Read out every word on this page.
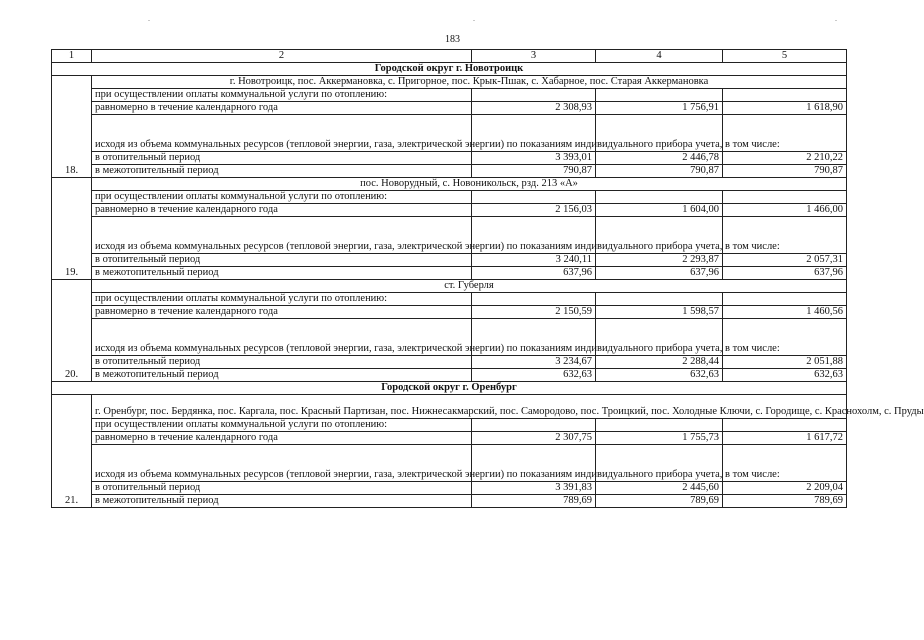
.	.	.
183
1	2	3	4	5
Городской округ г. Новотроицк				
18.	г. Новотроицк, пос. Аккермановка, с. Пригорное, пос. Крык-Пшак, с. Хабарное, пос. Старая Аккермановка			
	при осуществлении оплаты коммунальной услуги по отоплению:			
	равномерно в течение календарного года	2 308,93	1 756,91	1 618,90
	исходя из объема коммунальных ресурсов (тепловой энергии, газа, электрической энергии) по показаниям индивидуального прибора учета, в том числе:			
	в отопительный период	3 393,01	2 446,78	2 210,22
	в межотопительный период	790,87	790,87	790,87
19.	пос. Новорудный, с. Новоникольск, рзд. 213 «А»			
	при осуществлении оплаты коммунальной услуги по отоплению:			
	равномерно в течение календарного года	2 156,03	1 604,00	1 466,00
	исходя из объема коммунальных ресурсов (тепловой энергии, газа, электрической энергии) по показаниям индивидуального прибора учета, в том числе:			
	в отопительный период	3 240,11	2 293,87	2 057,31
	в межотопительный период	637,96	637,96	637,96
20.	ст. Губерля			
	при осуществлении оплаты коммунальной услуги по отоплению:			
	равномерно в течение календарного года	2 150,59	1 598,57	1 460,56
	исходя из объема коммунальных ресурсов (тепловой энергии, газа, электрической энергии) по показаниям индивидуального прибора учета, в том числе:			
	в отопительный период	3 234,67	2 288,44	2 051,88
	в межотопительный период	632,63	632,63	632,63
Городской округ г. Оренбург				
21.	г. Оренбург, пос. Бердянка, пос. Каргала, пос. Красный Партизан, пос. Нижнесакмарский, пос. Самородово, пос. Троицкий, пос. Холодные Ключи, с. Городище, с. Краснохолм, с. Пруды			
	при осуществлении оплаты коммунальной услуги по отоплению:			
	равномерно в течение календарного года	2 307,75	1 755,73	1 617,72
	исходя из объема коммунальных ресурсов (тепловой энергии, газа, электрической энергии) по показаниям индивидуального прибора учета, в том числе:			
	в отопительный период	3 391,83	2 445,60	2 209,04
	в межотопительный период	789,69	789,69	789,69
